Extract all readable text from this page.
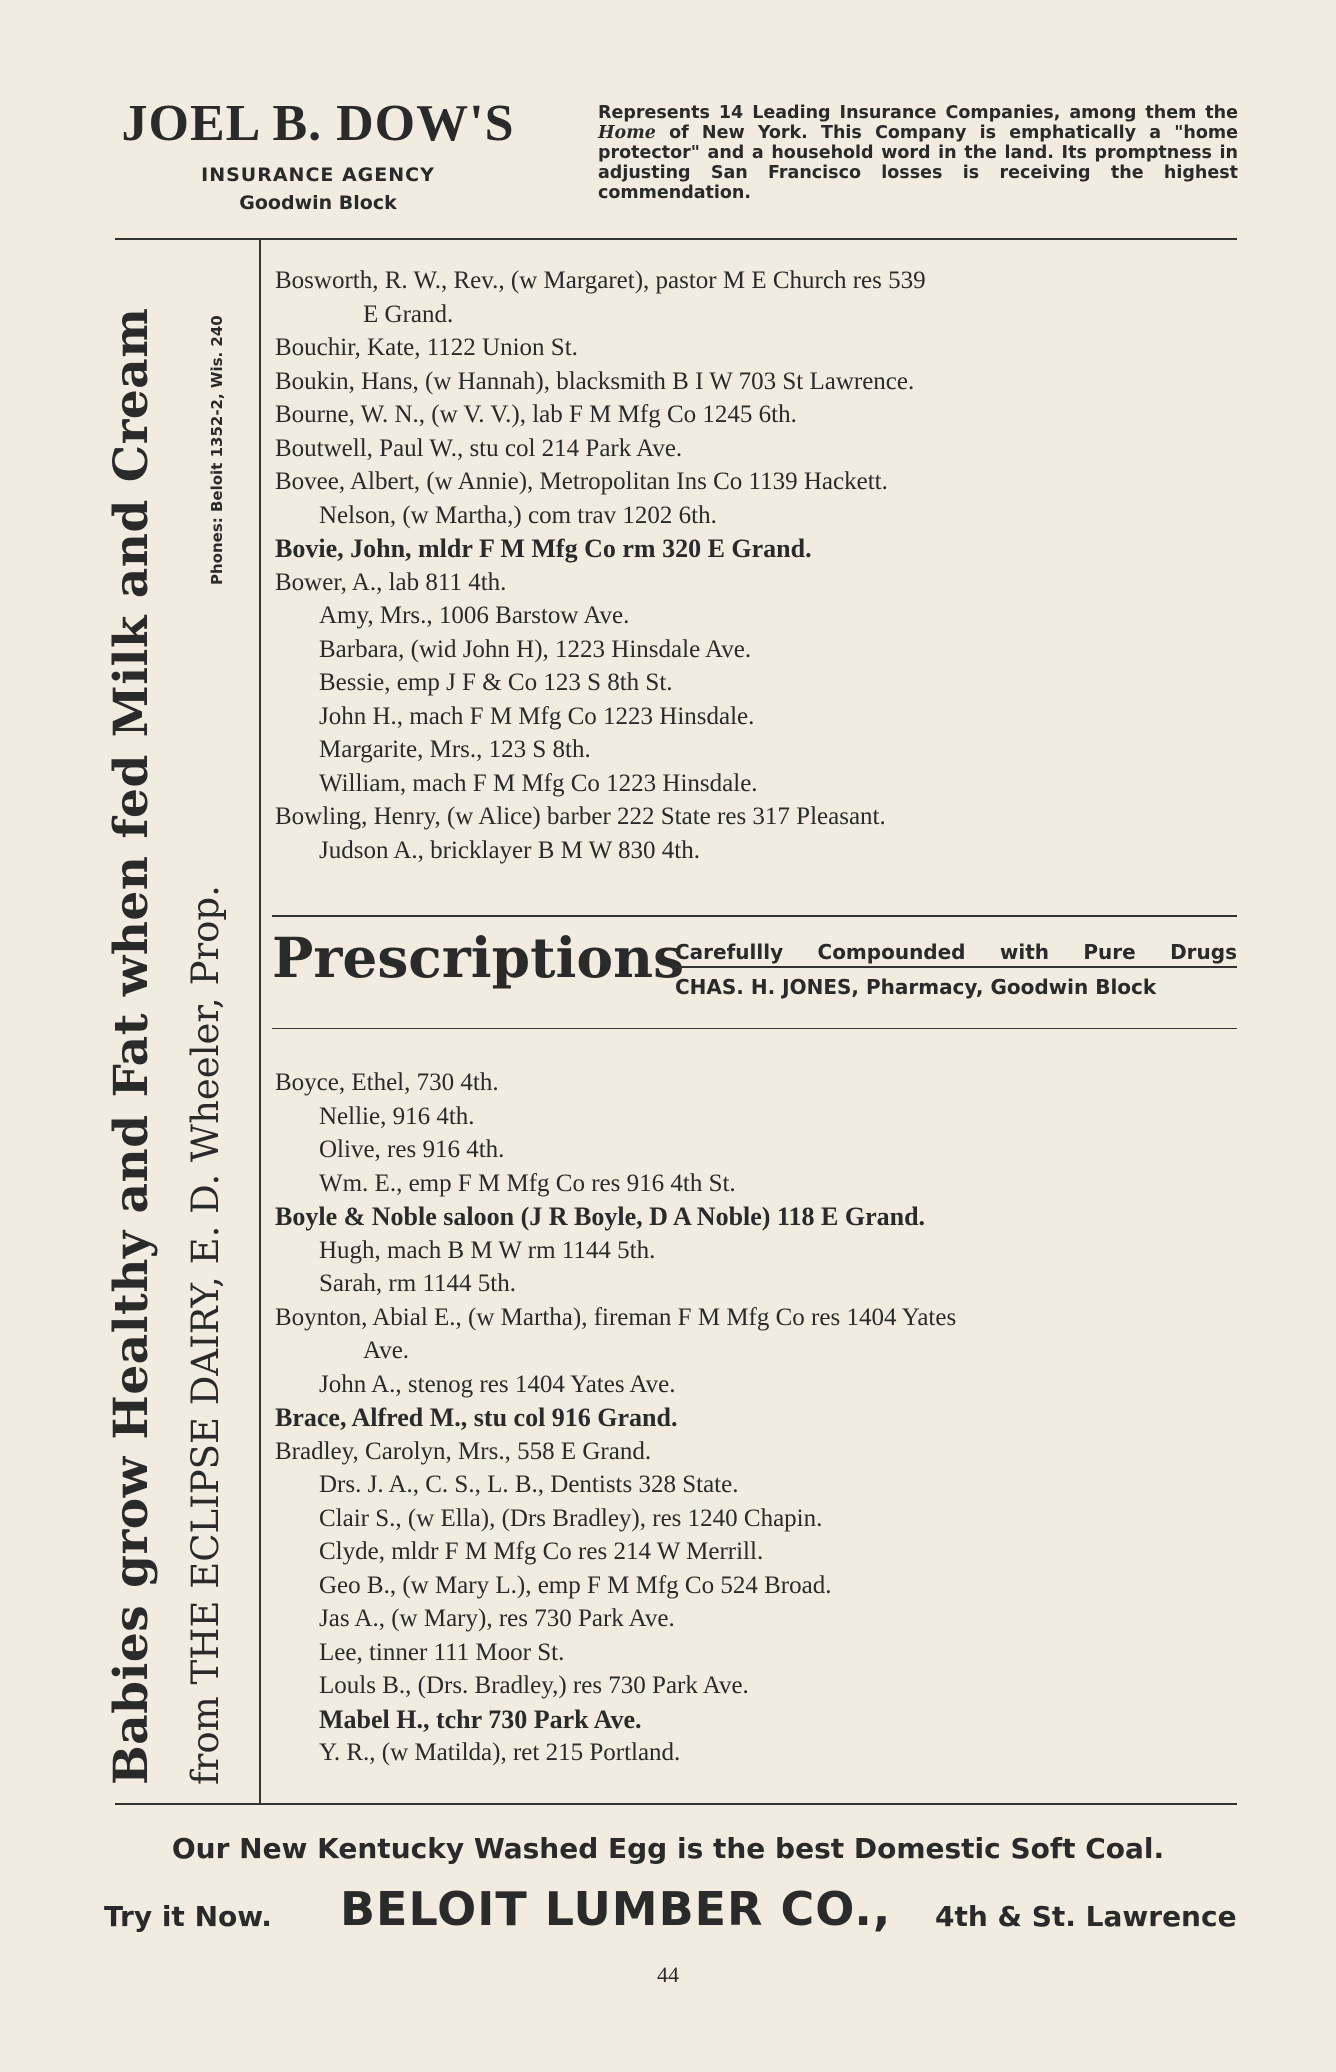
JOEL B. DOW'S
INSURANCE AGENCY
Goodwin Block
Represents 14 Leading Insurance Companies, among them the Home of New York. This Company is emphatically a "home protector" and a household word in the land. Its promptness in adjusting San Francisco losses is receiving the highest commendation.
Babies grow Healthy and Fat when fed Milk and Cream from THE ECLIPSE DAIRY, E. D. Wheeler, Prop.
Phones: Beloit 1352-2, Wis. 240
Bosworth, R. W., Rev., (w Margaret), pastor M E Church res 539
E Grand.
Bouchir, Kate, 1122 Union St.
Boukin, Hans, (w Hannah), blacksmith B I W 703 St Lawrence.
Bourne, W. N., (w V. V.), lab F M Mfg Co 1245 6th.
Boutwell, Paul W., stu col 214 Park Ave.
Bovee, Albert, (w Annie), Metropolitan Ins Co 1139 Hackett.
Nelson, (w Martha,) com trav 1202 6th.
Bovie, John, mldr F M Mfg Co rm 320 E Grand.
Bower, A., lab 811 4th.
Amy, Mrs., 1006 Barstow Ave.
Barbara, (wid John H), 1223 Hinsdale Ave.
Bessie, emp J F & Co 123 S 8th St.
John H., mach F M Mfg Co 1223 Hinsdale.
Margarite, Mrs., 123 S 8th.
William, mach F M Mfg Co 1223 Hinsdale.
Bowling, Henry, (w Alice) barber 222 State res 317 Pleasant.
Judson A., bricklayer B M W 830 4th.
Prescriptions
Carefullly Compounded with Pure Drugs
CHAS. H. JONES, Pharmacy, Goodwin Block
Boyce, Ethel, 730 4th.
Nellie, 916 4th.
Olive, res 916 4th.
Wm. E., emp F M Mfg Co res 916 4th St.
Boyle & Noble saloon (J R Boyle, D A Noble) 118 E Grand.
Hugh, mach B M W rm 1144 5th.
Sarah, rm 1144 5th.
Boynton, Abial E., (w Martha), fireman F M Mfg Co res 1404 Yates
Ave.
John A., stenog res 1404 Yates Ave.
Brace, Alfred M., stu col 916 Grand.
Bradley, Carolyn, Mrs., 558 E Grand.
Drs. J. A., C. S., L. B., Dentists 328 State.
Clair S., (w Ella), (Drs Bradley), res 1240 Chapin.
Clyde, mldr F M Mfg Co res 214 W Merrill.
Geo B., (w Mary L.), emp F M Mfg Co 524 Broad.
Jas A., (w Mary), res 730 Park Ave.
Lee, tinner 111 Moor St.
Louls B., (Drs. Bradley,) res 730 Park Ave.
Mabel H., tchr 730 Park Ave.
Y. R., (w Matilda), ret 215 Portland.
Our New Kentucky Washed Egg is the best Domestic Soft Coal.
Try it Now. BELOIT LUMBER CO., 4th & St. Lawrence
44
